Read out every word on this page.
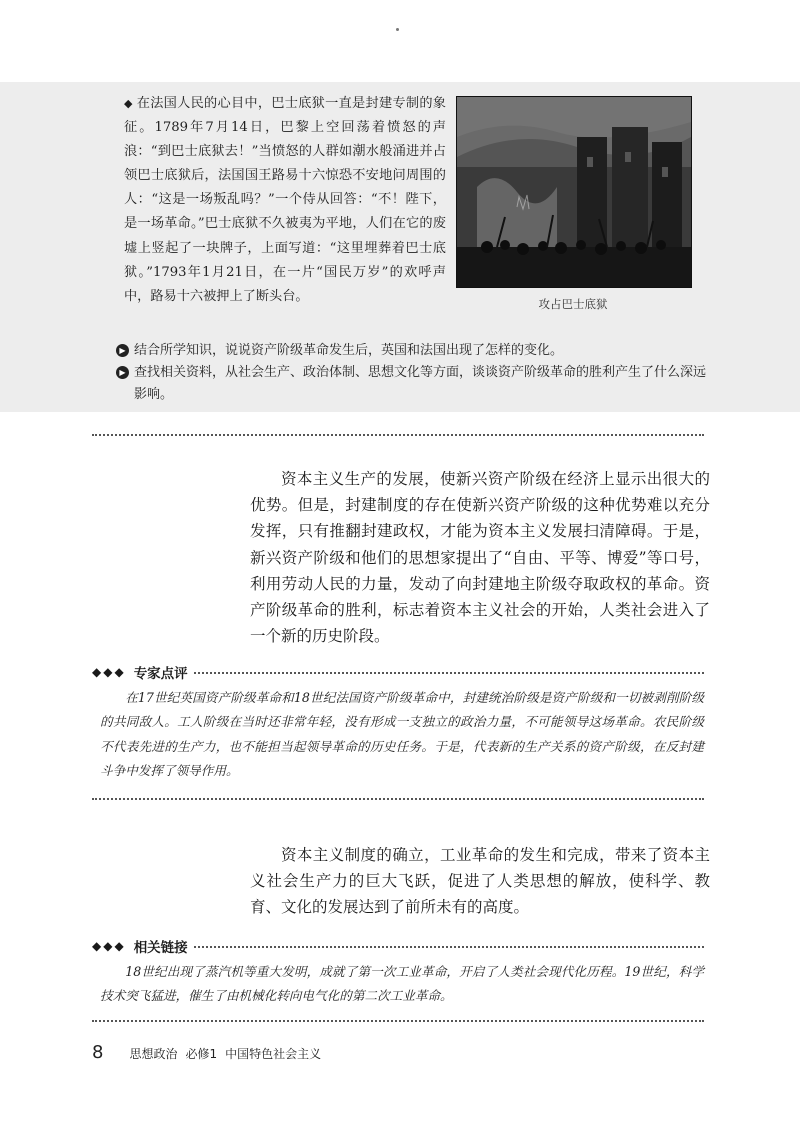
◆ 在法国人民的心目中，巴士底狱一直是封建专制的象征。1789年7月14日，巴黎上空回荡着愤怒的声浪：“到巴士底狱去！”当愤怒的人群如潮水般涌进并占领巴士底狱后，法国国王路易十六惊恐不安地问周围的人：“这是一场叛乱吗？”一个侍从回答：“不！陛下，是一场革命。”巴士底狱不久被夷为平地，人们在它的废墟上竖起了一块牌子，上面写道：“这里埋葬着巴士底狱。”1793年1月21日，在一片“国民万岁”的欢呼声中，路易十六被押上了断头台。
攻占巴士底狱
▶ 结合所学知识，说说资产阶级革命发生后，英国和法国出现了怎样的变化。
▶ 查找相关资料，从社会生产、政治体制、思想文化等方面，谈谈资产阶级革命的胜利产生了什么深远影响。
资本主义生产的发展，使新兴资产阶级在经济上显示出很大的优势。但是，封建制度的存在使新兴资产阶级的这种优势难以充分发挥，只有推翻封建政权，才能为资本主义发展扫清障碍。于是，新兴资产阶级和他们的思想家提出了“自由、平等、博爱”等口号，利用劳动人民的力量，发动了向封建地主阶级夺取政权的革命。资产阶级革命的胜利，标志着资本主义社会的开始，人类社会进入了一个新的历史阶段。
◆◆◆ 专家点评
在17世纪英国资产阶级革命和18世纪法国资产阶级革命中，封建统治阶级是资产阶级和一切被剥削阶级的共同敌人。工人阶级在当时还非常年轻，没有形成一支独立的政治力量，不可能领导这场革命。农民阶级不代表先进的生产力，也不能担当起领导革命的历史任务。于是，代表新的生产关系的资产阶级，在反封建斗争中发挥了领导作用。
资本主义制度的确立，工业革命的发生和完成，带来了资本主义社会生产力的巨大飞跃，促进了人类思想的解放，使科学、教育、文化的发展达到了前所未有的高度。
◆◆◆ 相关链接
18世纪出现了蒸汽机等重大发明，成就了第一次工业革命，开启了人类社会现代化历程。19世纪，科学技术突飞猛进，催生了由机械化转向电气化的第二次工业革命。
8 思想政治 必修1 中国特色社会主义
